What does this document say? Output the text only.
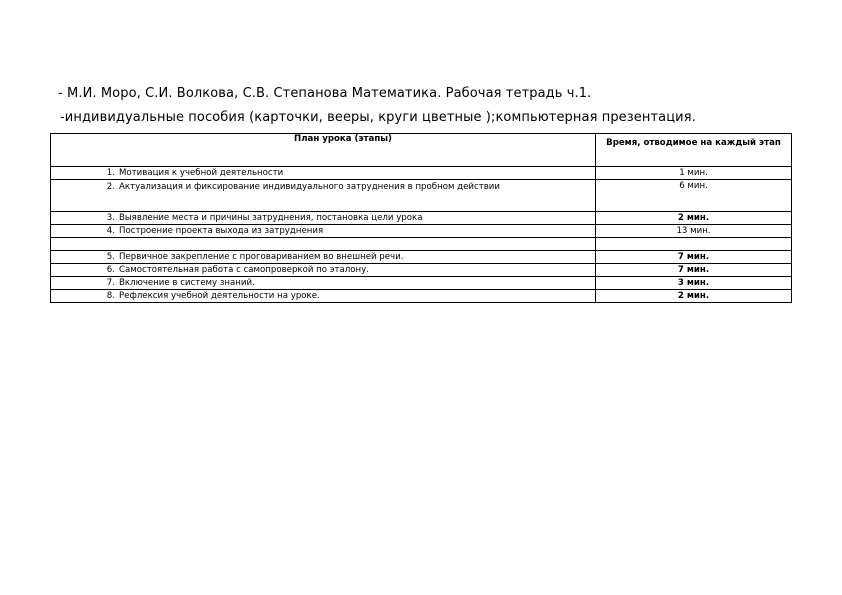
- М.И. Моро, С.И. Волкова, С.В. Степанова Математика. Рабочая тетрадь ч.1.
-индивидуальные пособия (карточки, вееры, круги цветные );компьютерная презентация.
План урока (этапы)	Время, отводимое на каждый этап

1. Мотивация к учебной деятельности	1 мин.

2. Актуализация и фиксирование индивидуального затруднения в пробном действии	6 мин.

3. Выявление места и причины затруднения, постановка цели урока	2 мин.

4. Построение проекта выхода из затруднения	13 мин.

5. Первичное закрепление с проговариванием во внешней речи.	7 мин.

6. Самостоятельная работа с самопроверкой по эталону.	7 мин.

7. Включение в систему знаний.	3 мин.

8. Рефлексия учебной деятельности на уроке.	2 мин.
